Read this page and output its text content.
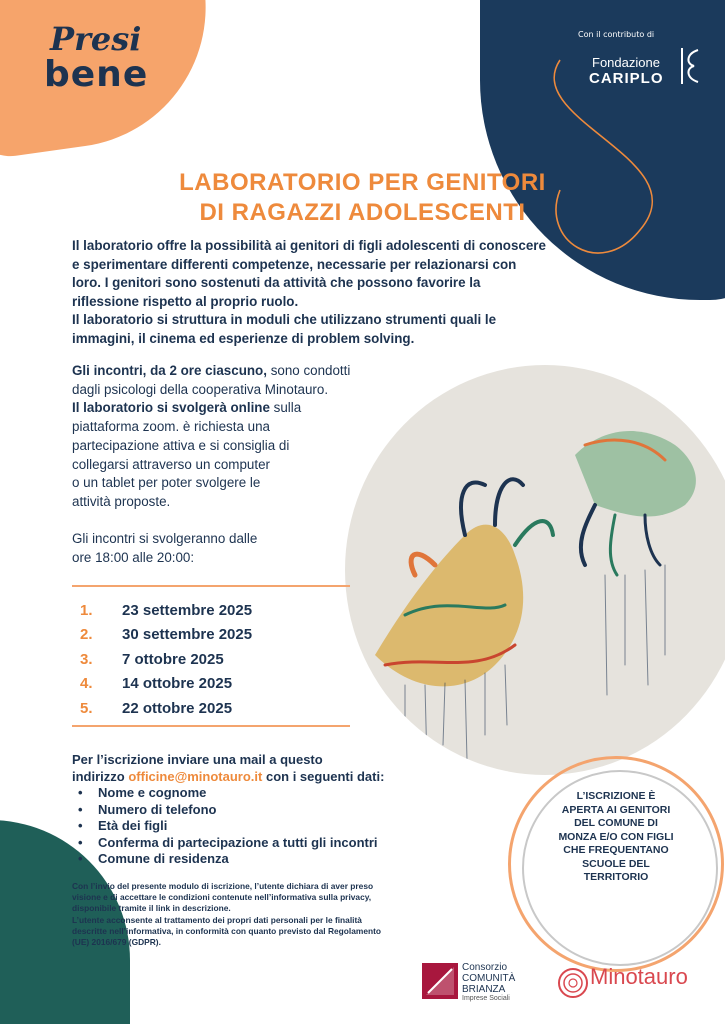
Presi
bene
Con il contributo di
Fondazione
CARIPLO
LABORATORIO PER GENITORI
DI RAGAZZI ADOLESCENTI
Il laboratorio offre la possibilità ai genitori di figli adolescenti di conoscere
e sperimentare differenti competenze, necessarie per relazionarsi con
loro. I genitori sono sostenuti da attività che possono favorire la
riflessione rispetto al proprio ruolo.
Il laboratorio si struttura in moduli che utilizzano strumenti quali le
immagini, il cinema ed esperienze di problem solving.
Gli incontri, da 2 ore ciascuno, sono condotti
dagli psicologi della cooperativa Minotauro.
Il laboratorio si svolgerà online sulla
piattaforma zoom. è richiesta una
partecipazione attiva e si consiglia di
collegarsi attraverso un computer
o un tablet per poter svolgere le
attività proposte.
Gli incontri si svolgeranno dalle
ore 18:00 alle 20:00:
1.	23 settembre 2025
2.	30 settembre 2025
3.	7 ottobre 2025
4.	14 ottobre 2025
5.	22 ottobre 2025
Per l’iscrizione inviare una mail a questo
indirizzo officine@minotauro.it con i seguenti dati:
• Nome e cognome
• Numero di telefono
• Età dei figli
• Conferma di partecipazione a tutti gli incontri
• Comune di residenza
Con l’invio del presente modulo di iscrizione, l’utente dichiara di aver preso
visione e di accettare le condizioni contenute nell’informativa sulla privacy,
disponibile tramite il link in descrizione.
L’utente acconsente al trattamento dei propri dati personali per le finalità
descritte nell’informativa, in conformità con quanto previsto dal Regolamento
(UE) 2016/679 (GDPR).
L’ISCRIZIONE È
APERTA AI GENITORI
DEL COMUNE DI
MONZA E/O CON FIGLI
CHE FREQUENTANO
SCUOLE DEL
TERRITORIO
Consorzio
COMUNITÀ
BRIANZA
Imprese Sociali
Minotauro
